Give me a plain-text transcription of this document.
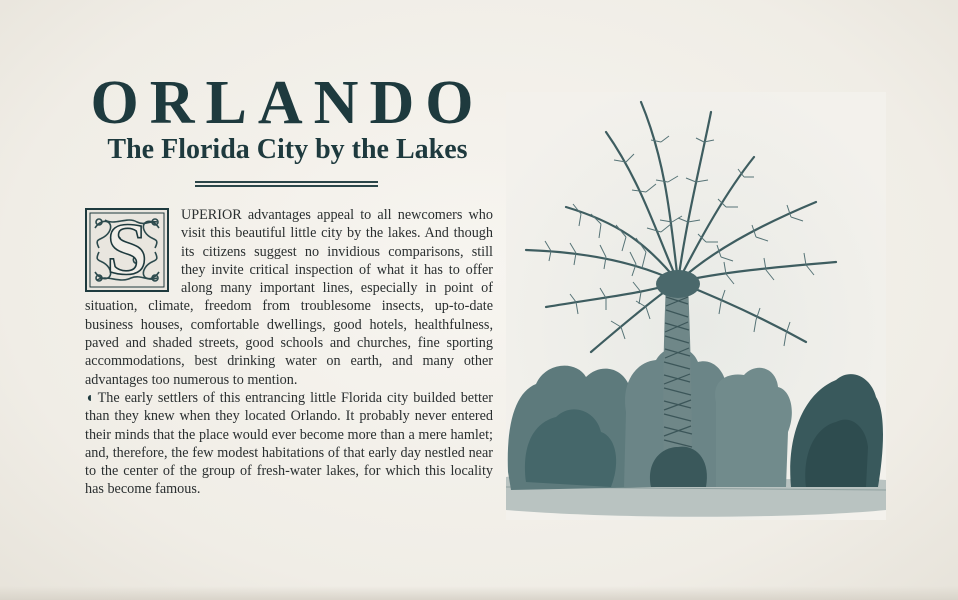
ORLANDO
The Florida City by the Lakes
S	UPERIOR advantages appeal to all newcomers who visit this beautiful little city by the lakes. And though its citizens suggest no invidious comparisons, still they invite critical inspection of what it has to offer along many important lines, especially in point of situation, climate, freedom from troublesome insects, up-to-date business houses, comfortable dwellings, good hotels, healthfulness, paved and shaded streets, good schools and churches, fine sporting accommodations, best drinking water on earth, and many other advantages too numerous to mention.

◖ The early settlers of this entrancing little Florida city builded better than they knew when they located Orlando. It probably never entered their minds that the place would ever become more than a mere hamlet; and, therefore, the few modest habitations of that early day nestled near to the center of the group of fresh-water lakes, for which this locality has become famous.
